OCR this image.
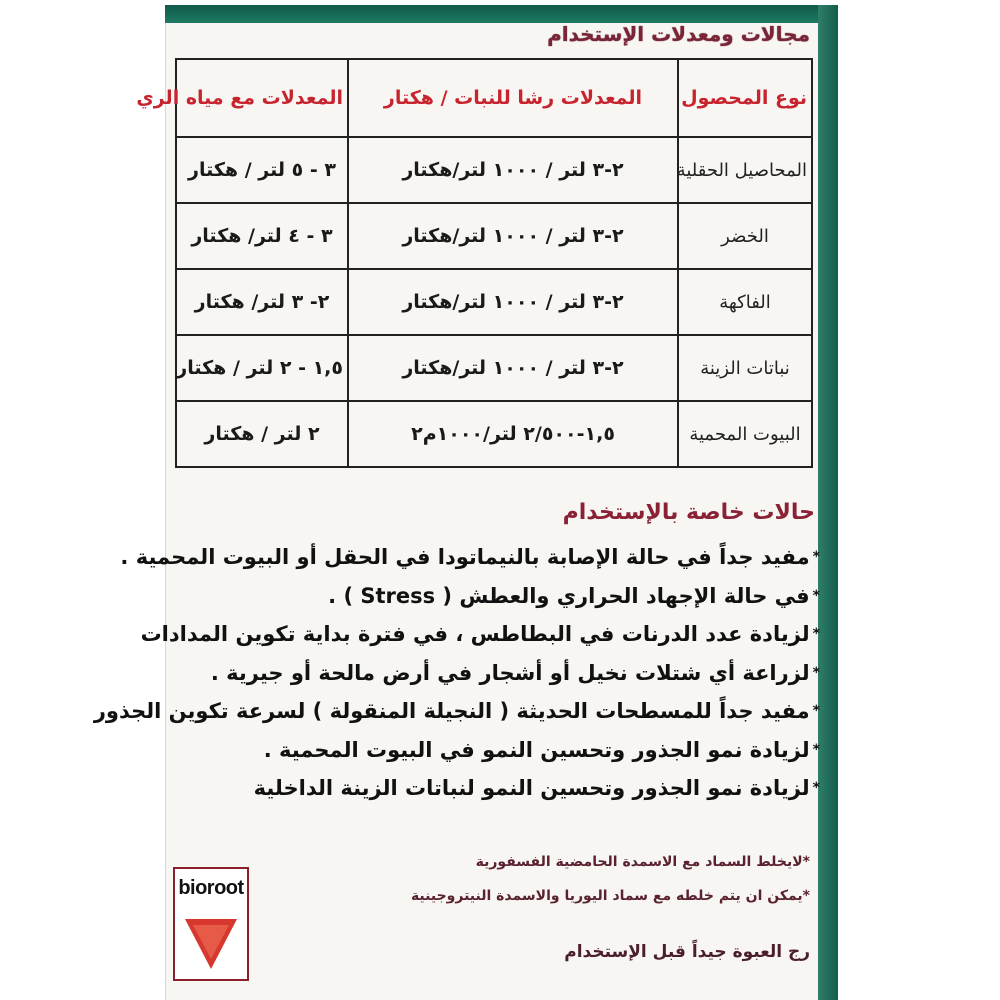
مجالات ومعدلات الإستخدام
نوع المحصول	المعدلات رشا للنبات / هكتار	المعدلات مع مياه الري
المحاصيل الحقلية	٢-٣ لتر / ١٠٠٠ لتر/هكتار	٣ - ٥ لتر / هكتار
الخضر	٢-٣ لتر / ١٠٠٠ لتر/هكتار	٣ - ٤ لتر/ هكتار
الفاكهة	٢-٣ لتر / ١٠٠٠ لتر/هكتار	٢- ٣ لتر/ هكتار
نباتات الزينة	٢-٣ لتر / ١٠٠٠ لتر/هكتار	١,٥ - ٢ لتر / هكتار
البيوت المحمية	١,٥-٢/٥٠٠ لتر/١٠٠٠م٢	٢ لتر / هكتار
حالات خاصة بالإستخدام
*مفيد جداً في حالة الإصابة بالنيماتودا في الحقل أو البيوت المحمية .
*في حالة الإجهاد الحراري والعطش ( Stress ) .
*لزيادة عدد الدرنات في البطاطس ، في فترة بداية تكوين المدادات
*لزراعة أي شتلات نخيل أو أشجار في أرض مالحة أو جيرية .
*مفيد جداً للمسطحات الحديثة ( النجيلة المنقولة ) لسرعة تكوين الجذور
*لزيادة نمو الجذور وتحسين النمو في البيوت المحمية .
*لزيادة نمو الجذور وتحسين النمو لنباتات الزينة الداخلية
*لايخلط السماد مع الاسمدة الحامضية الفسفورية
*يمكن ان يتم خلطه مع سماد اليوريا والاسمدة النيتروجينية
رج العبوة جيداً قبل الإستخدام
bioroot
